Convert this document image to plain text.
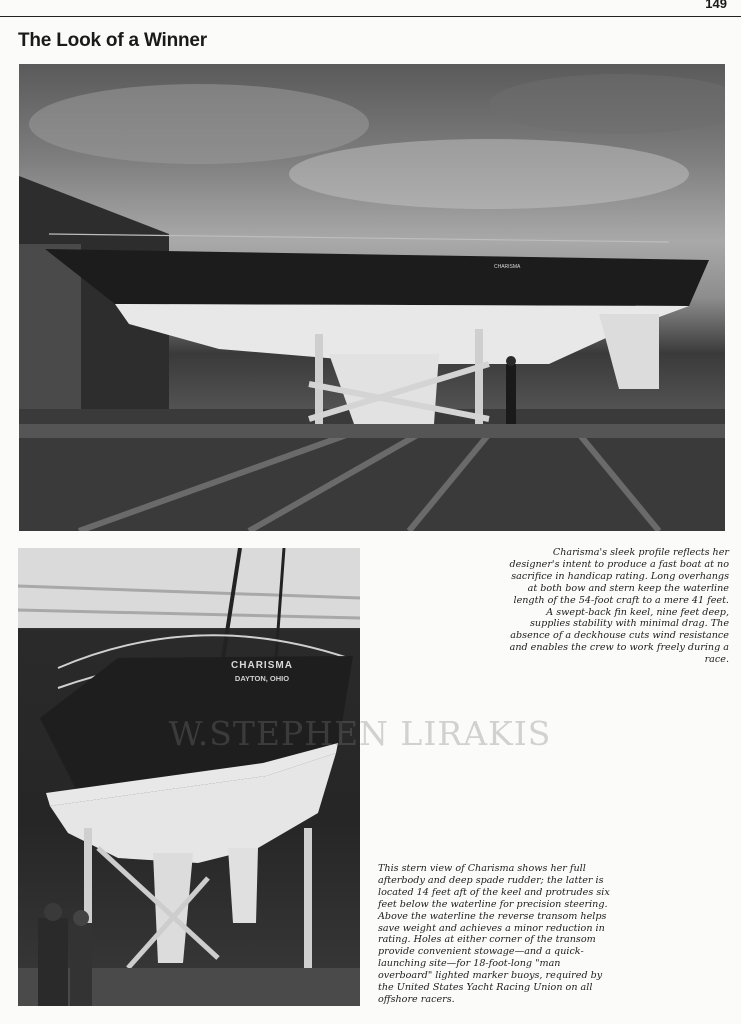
149
The Look of a Winner
CHARISMA
CHARISMA
DAYTON, OHIO

Charisma's sleek profile reflects her designer's intent to produce a fast boat at no sacrifice in handicap rating. Long overhangs at both bow and stern keep the waterline length of the 54-foot craft to a mere 41 feet. A swept-back fin keel, nine feet deep, supplies stability with minimal drag. The absence of a deckhouse cuts wind resistance and enables the crew to work freely during a race.

This stern view of Charisma shows her full afterbody and deep spade rudder; the latter is located 14 feet aft of the keel and protrudes six feet below the waterline for precision steering. Above the waterline the reverse transom helps save weight and achieves a minor reduction in rating. Holes at either corner of the transom provide convenient stowage—and a quick-launching site—for 18-foot-long "man overboard" lighted marker buoys, required by the United States Yacht Racing Union on all offshore racers.

W.STEPHEN LIRAKIS
